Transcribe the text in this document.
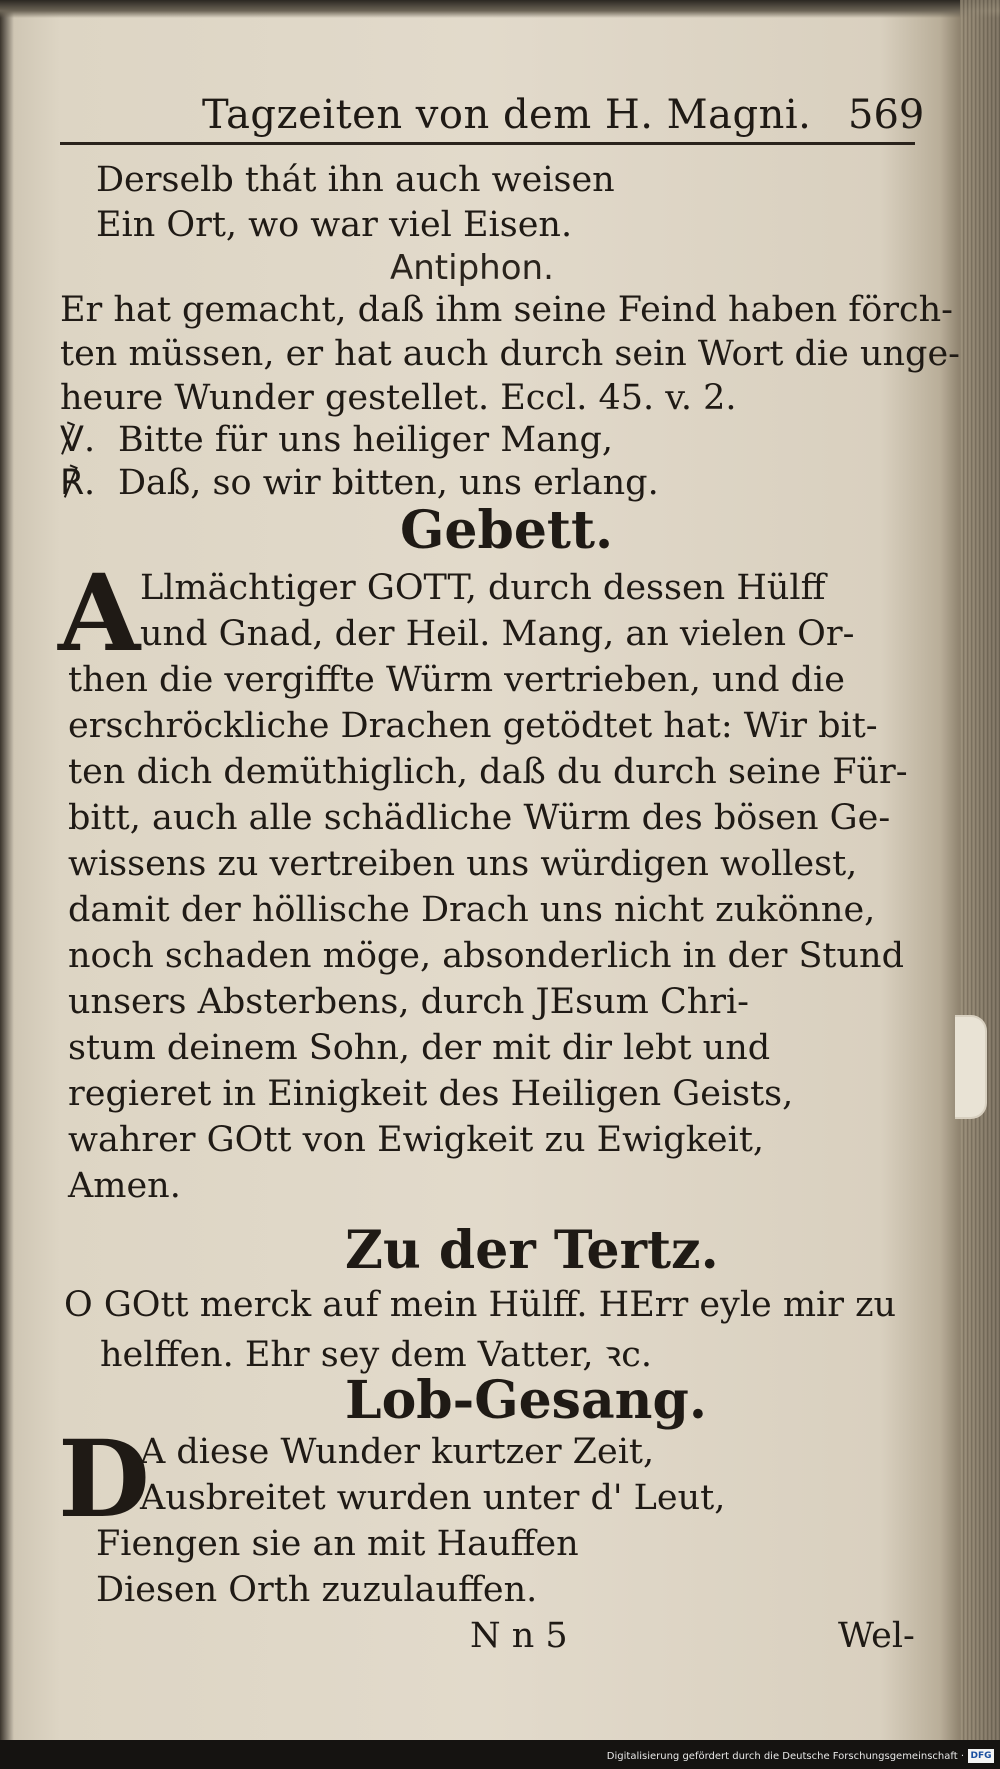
Tagzeiten von dem H. Magni. 569
Derselb thát ihn auch weisen
Ein Ort, wo war viel Eisen.
Antiphon.
Er hat gemacht, daß ihm seine Feind haben förch-
ten müssen, er hat auch durch sein Wort die unge-
heure Wunder gestellet. Eccl. 45. v. 2.
℣. Bitte für uns heiliger Mang,
℟. Daß, so wir bitten, uns erlang.
Gebett.
A Llmächtiger GOTT, durch dessen Hülff
und Gnad, der Heil. Mang, an vielen Or-
then die vergiffte Würm vertrieben, und die
erschröckliche Drachen getödtet hat: Wir bit-
ten dich demüthiglich, daß du durch seine Für-
bitt, auch alle schädliche Würm des bösen Ge-
wissens zu vertreiben uns würdigen wollest,
damit der höllische Drach uns nicht zukönne,
noch schaden möge, absonderlich in der Stund
unsers Absterbens, durch JEsum Chri-
stum deinem Sohn, der mit dir lebt und
regieret in Einigkeit des Heiligen Geists,
wahrer GOtt von Ewigkeit zu Ewigkeit,
Amen.
Zu der Tertz.
O GOtt merck auf mein Hülff. HErr eyle mir zu
helffen. Ehr sey dem Vatter, ꝛc.
Lob-Gesang.
D
A diese Wunder kurtzer Zeit,
Ausbreitet wurden unter d' Leut,
Fiengen sie an mit Hauffen
Diesen Orth zuzulauffen.
N n 5	Wel-
Digitalisierung gefördert durch die Deutsche Forschungsgemeinschaft · DFG
